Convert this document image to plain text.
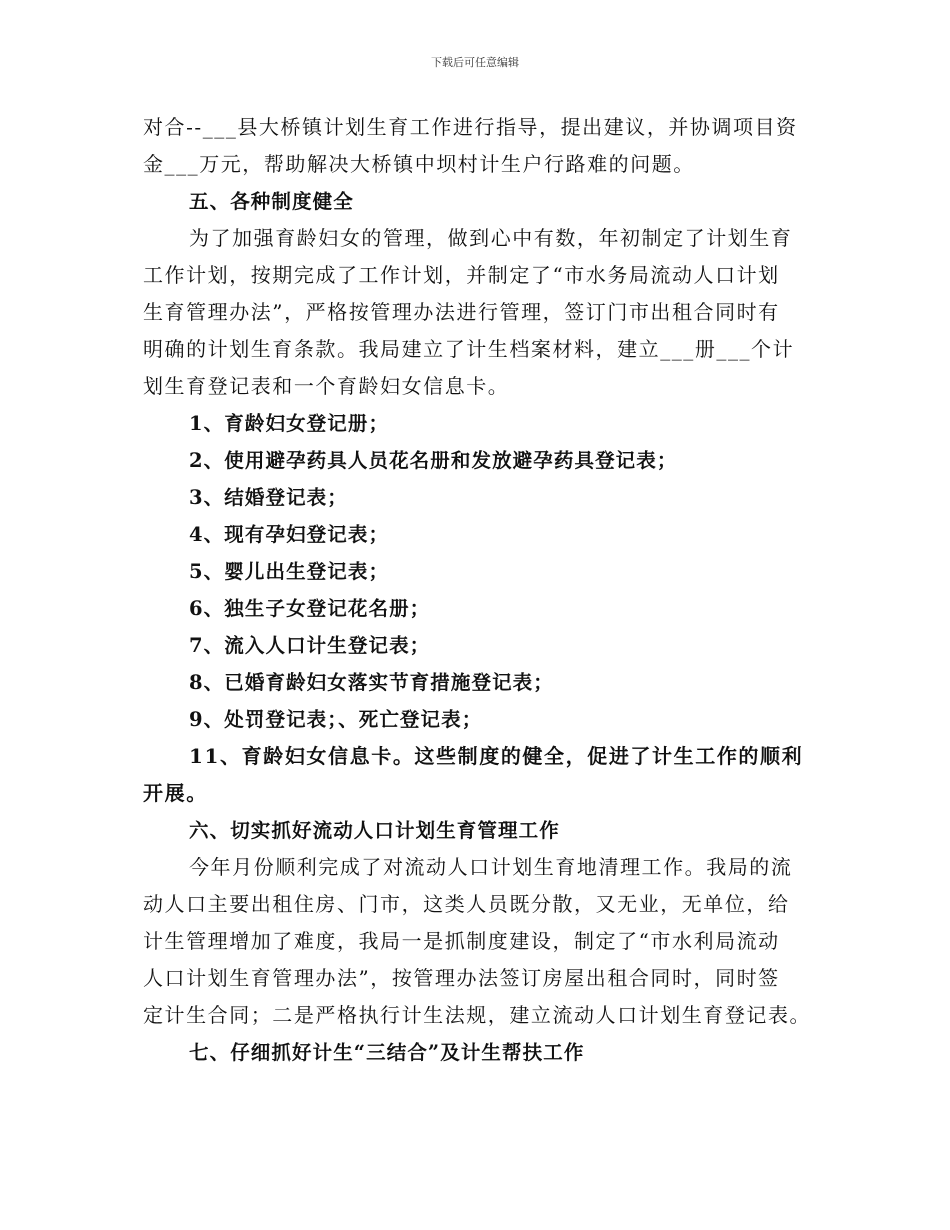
下载后可任意编辑
对合--___县大桥镇计划生育工作进行指导，提出建议，并协调项目资
金___万元，帮助解决大桥镇中坝村计生户行路难的问题。
五、各种制度健全
为了加强育龄妇女的管理，做到心中有数，年初制定了计划生育
工作计划，按期完成了工作计划，并制定了“市水务局流动人口计划
生育管理办法”，严格按管理办法进行管理，签订门市出租合同时有
明确的计划生育条款。我局建立了计生档案材料，建立___册___个计
划生育登记表和一个育龄妇女信息卡。
1、育龄妇女登记册；
2、使用避孕药具人员花名册和发放避孕药具登记表；
3、结婚登记表；
4、现有孕妇登记表；
5、婴儿出生登记表；
6、独生子女登记花名册；
7、流入人口计生登记表；
8、已婚育龄妇女落实节育措施登记表；
9、处罚登记表；、死亡登记表；
11、育龄妇女信息卡。这些制度的健全，促进了计生工作的顺利
开展。
六、切实抓好流动人口计划生育管理工作
今年月份顺利完成了对流动人口计划生育地清理工作。我局的流
动人口主要出租住房、门市，这类人员既分散，又无业，无单位，给
计生管理增加了难度，我局一是抓制度建设，制定了“市水利局流动
人口计划生育管理办法”，按管理办法签订房屋出租合同时，同时签
定计生合同；二是严格执行计生法规，建立流动人口计划生育登记表。
七、仔细抓好计生“三结合”及计生帮扶工作
